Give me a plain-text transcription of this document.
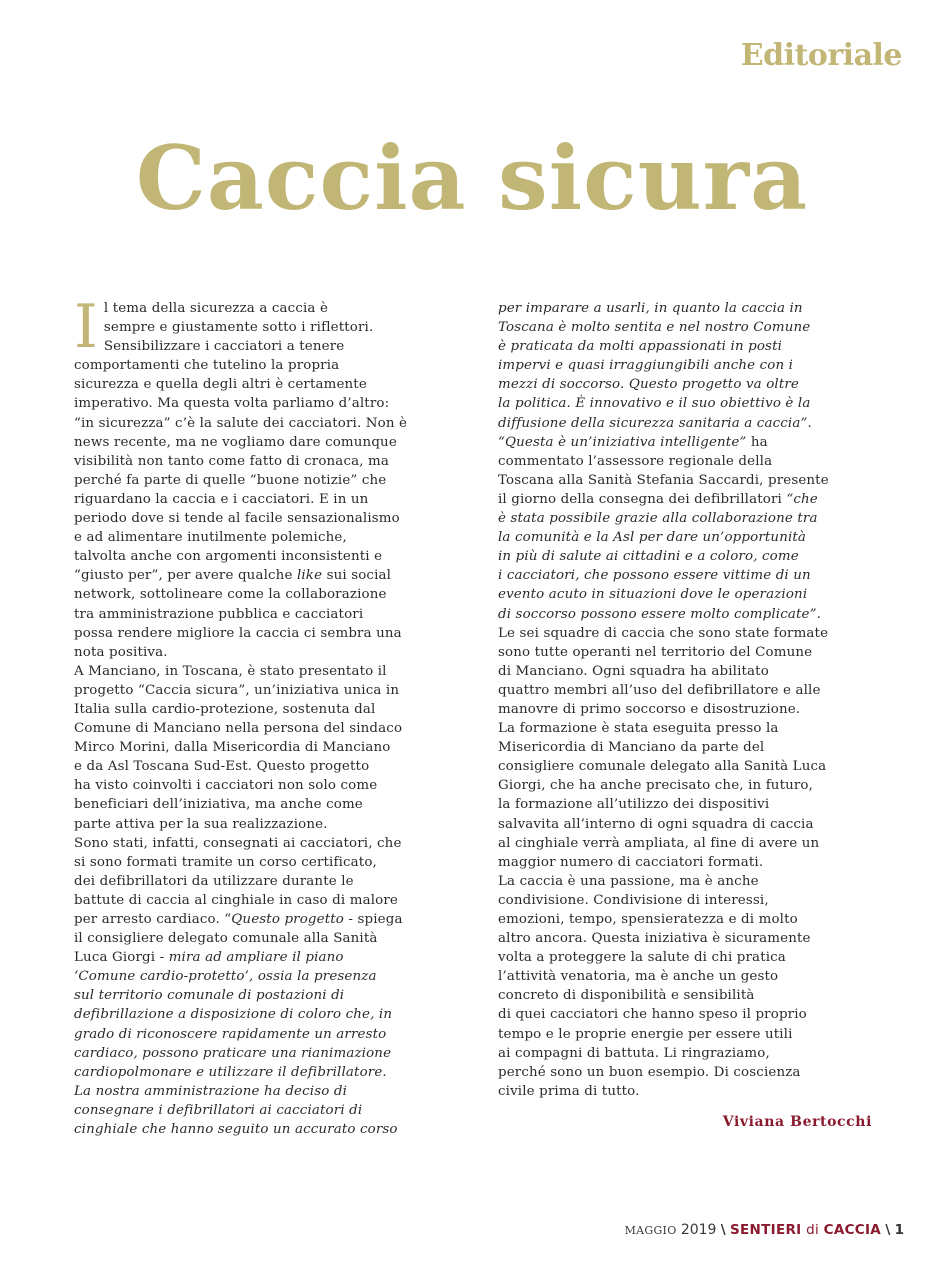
Editoriale
Caccia sicura
I l tema della sicurezza a caccia è
sempre e giustamente sotto i riflettori.
Sensibilizzare i cacciatori a tenere
comportamenti che tutelino la propria
sicurezza e quella degli altri è certamente
imperativo. Ma questa volta parliamo d’altro:
“in sicurezza” c’è la salute dei cacciatori. Non è
news recente, ma ne vogliamo dare comunque
visibilità non tanto come fatto di cronaca, ma
perché fa parte di quelle “buone notizie” che
riguardano la caccia e i cacciatori. E in un
periodo dove si tende al facile sensazionalismo
e ad alimentare inutilmente polemiche,
talvolta anche con argomenti inconsistenti e
“giusto per”, per avere qualche like sui social
network, sottolineare come la collaborazione
tra amministrazione pubblica e cacciatori
possa rendere migliore la caccia ci sembra una
nota positiva.
A Manciano, in Toscana, è stato presentato il
progetto “Caccia sicura”, un’iniziativa unica in
Italia sulla cardio-protezione, sostenuta dal
Comune di Manciano nella persona del sindaco
Mirco Morini, dalla Misericordia di Manciano
e da Asl Toscana Sud-Est. Questo progetto
ha visto coinvolti i cacciatori non solo come
beneficiari dell’iniziativa, ma anche come
parte attiva per la sua realizzazione.
Sono stati, infatti, consegnati ai cacciatori, che
si sono formati tramite un corso certificato,
dei defibrillatori da utilizzare durante le
battute di caccia al cinghiale in caso di malore
per arresto cardiaco. “Questo progetto - spiega
il consigliere delegato comunale alla Sanità
Luca Giorgi - mira ad ampliare il piano
‘Comune cardio-protetto’, ossia la presenza
sul territorio comunale di postazioni di
defibrillazione a disposizione di coloro che, in
grado di riconoscere rapidamente un arresto
cardiaco, possono praticare una rianimazione
cardiopolmonare e utilizzare il defibrillatore.
La nostra amministrazione ha deciso di
consegnare i defibrillatori ai cacciatori di
cinghiale che hanno seguito un accurato corso
per imparare a usarli, in quanto la caccia in
Toscana è molto sentita e nel nostro Comune
è praticata da molti appassionati in posti
impervi e quasi irraggiungibili anche con i
mezzi di soccorso. Questo progetto va oltre
la politica. È innovativo e il suo obiettivo è la
diffusione della sicurezza sanitaria a caccia”.
“Questa è un’iniziativa intelligente” ha
commentato l’assessore regionale della
Toscana alla Sanità Stefania Saccardi, presente
il giorno della consegna dei defibrillatori “che
è stata possibile grazie alla collaborazione tra
la comunità e la Asl per dare un’opportunità
in più di salute ai cittadini e a coloro, come
i cacciatori, che possono essere vittime di un
evento acuto in situazioni dove le operazioni
di soccorso possono essere molto complicate”.
Le sei squadre di caccia che sono state formate
sono tutte operanti nel territorio del Comune
di Manciano. Ogni squadra ha abilitato
quattro membri all’uso del defibrillatore e alle
manovre di primo soccorso e disostruzione.
La formazione è stata eseguita presso la
Misericordia di Manciano da parte del
consigliere comunale delegato alla Sanità Luca
Giorgi, che ha anche precisato che, in futuro,
la formazione all’utilizzo dei dispositivi
salvavita all’interno di ogni squadra di caccia
al cinghiale verrà ampliata, al fine di avere un
maggior numero di cacciatori formati.
La caccia è una passione, ma è anche
condivisione. Condivisione di interessi,
emozioni, tempo, spensieratezza e di molto
altro ancora. Questa iniziativa è sicuramente
volta a proteggere la salute di chi pratica
l’attività venatoria, ma è anche un gesto
concreto di disponibilità e sensibilità
di quei cacciatori che hanno speso il proprio
tempo e le proprie energie per essere utili
ai compagni di battuta. Li ringraziamo,
perché sono un buon esempio. Di coscienza
civile prima di tutto.

Viviana Bertocchi

MAGGIO 2019 \ SENTIERI di CACCIA \ 1
